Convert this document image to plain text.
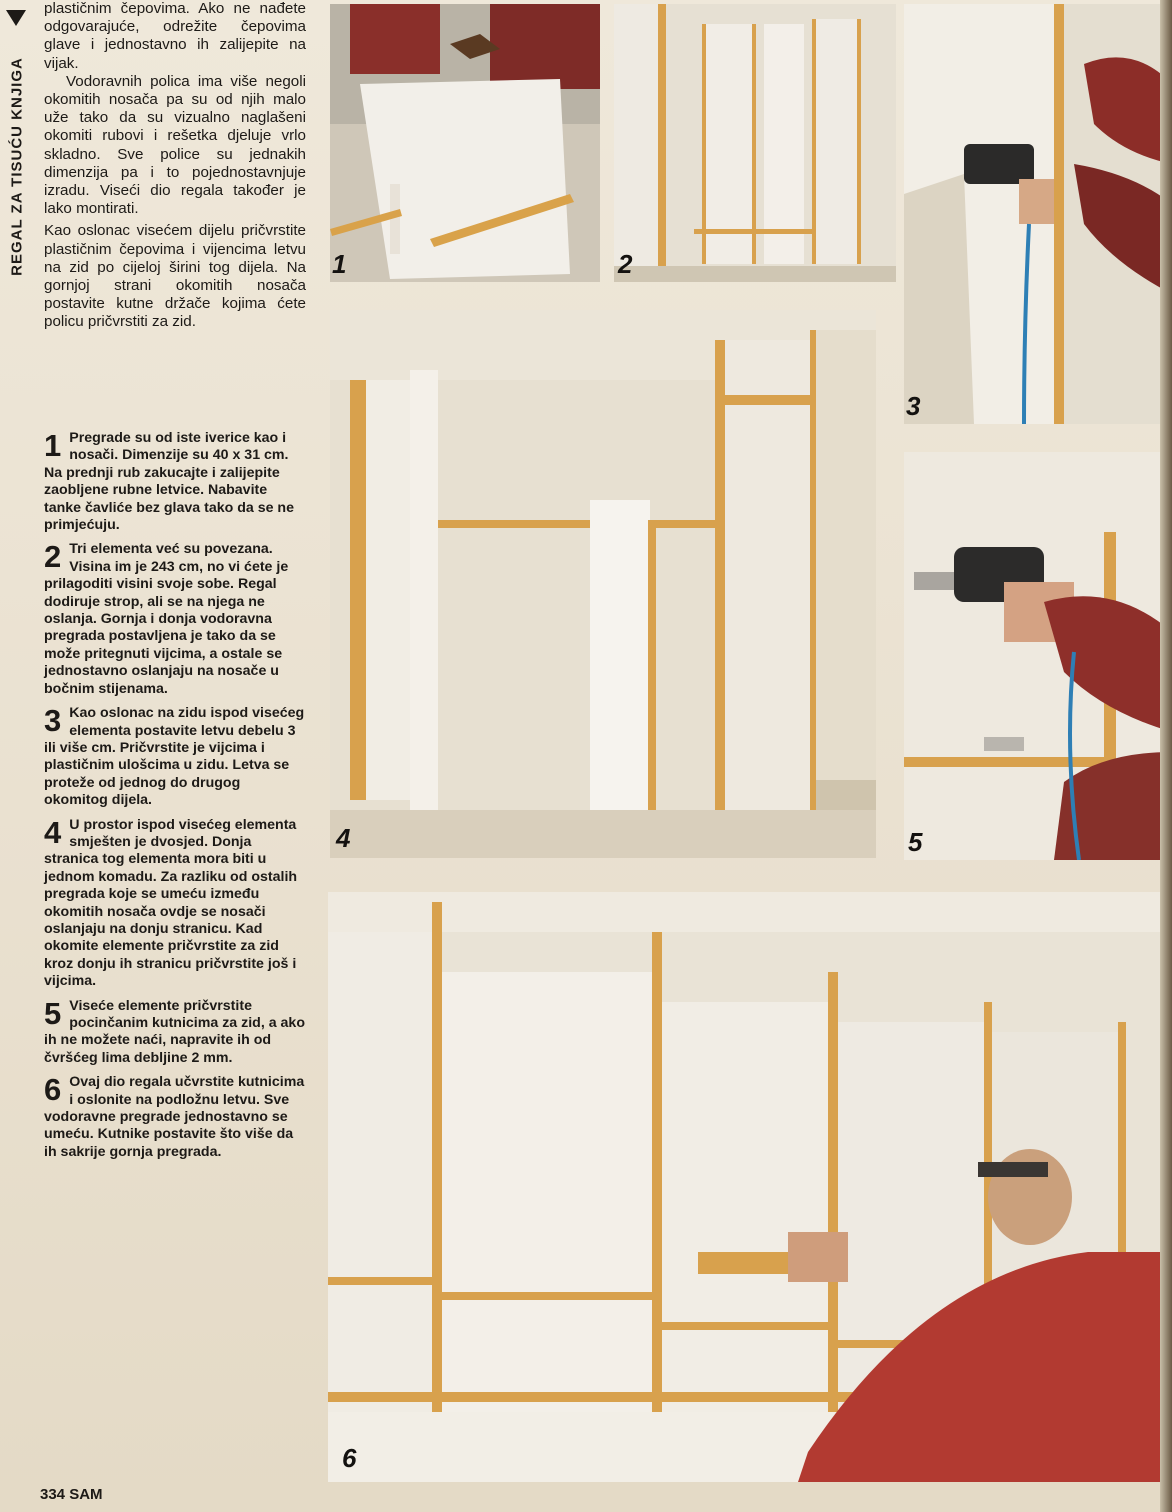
REGAL ZA TISUĆU KNJIGA

plastičnim čepovima. Ako ne nađete odgovarajuće, odrežite čepovima glave i jednostavno ih zalijepite na vijak.

Vodoravnih polica ima više negoli okomitih nosača pa su od njih malo uže tako da su vizualno naglašeni okomiti rubovi i rešetka djeluje vrlo skladno. Sve police su jednakih dimenzija pa i to pojednostavnjuje izradu. Viseći dio regala također je lako montirati.

Kao oslonac visećem dijelu pričvrstite plastičnim čepovima i vijencima letvu na zid po cijeloj širini tog dijela. Na gornjoj strani okomitih nosača postavite kutne držače kojima ćete policu pričvrstiti za zid.

1 Pregrade su od iste iverice kao i nosači. Dimenzije su 40 x 31 cm. Na prednji rub zakucajte i zalijepite zaobljene rubne letvice. Nabavite tanke čavliće bez glava tako da se ne primjećuju.
2 Tri elementa već su povezana. Visina im je 243 cm, no vi ćete je prilagoditi visini svoje sobe. Regal dodiruje strop, ali se na njega ne oslanja. Gornja i donja vodoravna pregrada postavljena je tako da se može pritegnuti vijcima, a ostale se jednostavno oslanjaju na nosače u bočnim stijenama.
3 Kao oslonac na zidu ispod visećeg elementa postavite letvu debelu 3 ili više cm. Pričvrstite je vijcima i plastičnim ulošcima u zidu. Letva se proteže od jednog do drugog okomitog dijela.
4 U prostor ispod visećeg elementa smješten je dvosjed. Donja stranica tog elementa mora biti u jednom komadu. Za razliku od ostalih pregrada koje se umeću između okomitih nosača ovdje se nosači oslanjaju na donju stranicu. Kad okomite elemente pričvrstite za zid kroz donju ih stranicu pričvrstite još i vijcima.
5 Viseće elemente pričvrstite pocinčanim kutnicima za zid, a ako ih ne možete naći, napravite ih od čvršćeg lima debljine 2 mm.
6 Ovaj dio regala učvrstite kutnicima i oslonite na podložnu letvu. Sve vodoravne pregrade jednostavno se umeću. Kutnike postavite što više da ih sakrije gornja pregrada.
334 SAM
1	2
3
4	5
6
